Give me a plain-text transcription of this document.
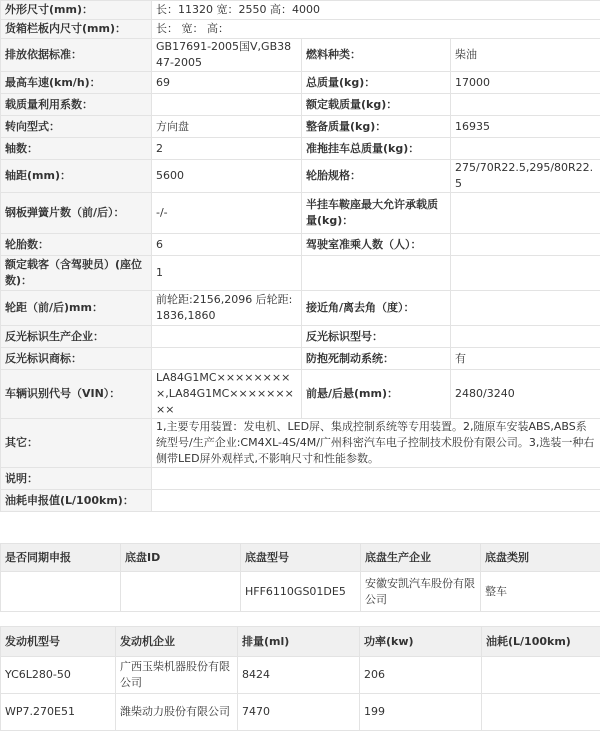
外形尺寸(mm)：	长：11320 宽：2550 高：4000		
货箱栏板内尺寸(mm)：	长： 宽： 高：		
排放依据标准：	GB17691-2005国Ⅴ,GB3847-2005	燃料种类：	柴油
最高车速(km/h)：	69	总质量(kg)：	17000
载质量利用系数：		额定载质量(kg)：	
转向型式：	方向盘	整备质量(kg)：	16935
轴数：	2	准拖挂车总质量(kg)：	
轴距(mm)：	5600	轮胎规格：	275/70R22.5,295/80R22.5
钢板弹簧片数（前/后）：	-/-	半挂车鞍座最大允许承载质量(kg)：	
轮胎数：	6	驾驶室准乘人数（人）：	
额定载客（含驾驶员）(座位数)：	1		
轮距（前/后)mm：	前轮距:2156,2096 后轮距:1836,1860	接近角/离去角（度）：	
反光标识生产企业：		反光标识型号：	
反光标识商标：		防抱死制动系统：	有
车辆识别代号（VIN）：	LA84G1MC×××××××××,LA84G1MC×××××××××	前悬/后悬(mm)：	2480/3240
其它：	1,主要专用装置：发电机、LED屏、集成控制系统等专用装置。2,随原车安装ABS,ABS系统型号/生产企业:CM4XL-4S/4M/广州科密汽车电子控制技术股份有限公司。3,选装一种右侧带LED屏外观样式,不影响尺寸和性能参数。		
说明：			
油耗申报值(L/100km)：			
是否同期申报	底盘ID	底盘型号	底盘生产企业	底盘类别
		HFF6110GS01DE5	安徽安凯汽车股份有限公司	整车
发动机型号	发动机企业	排量(ml)	功率(kw)	油耗(L/100km)
YC6L280-50	广西玉柴机器股份有限公司	8424	206	
WP7.270E51	潍柴动力股份有限公司	7470	199	
